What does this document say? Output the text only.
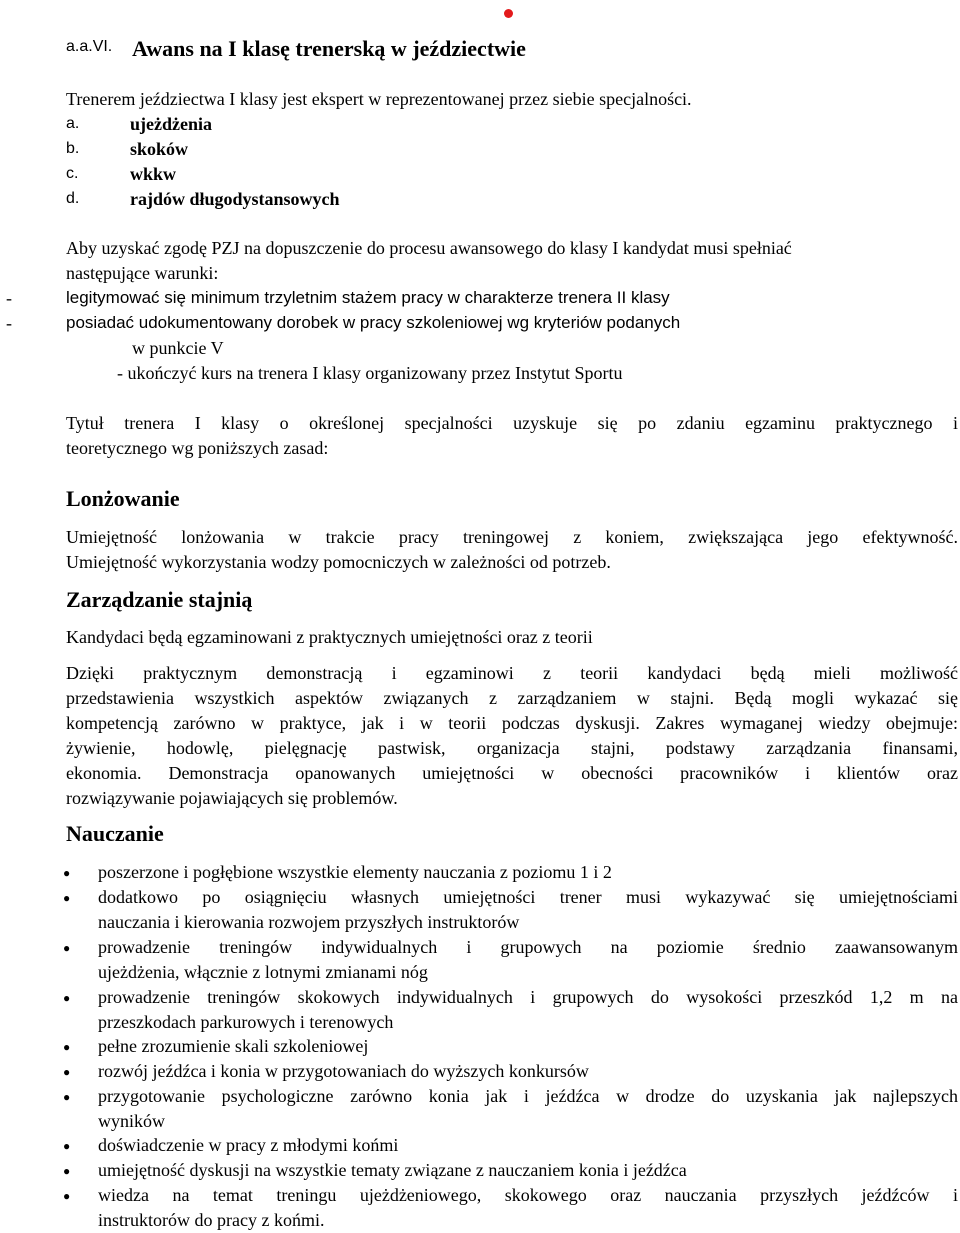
a.a.VI. Awans na I klasę trenerską w jeździectwie
Trenerem jeździectwa I klasy jest ekspert w reprezentowanej przez siebie specjalności.
a.	ujeżdżenia
b.	skoków
c.	wkkw
d.	rajdów długodystansowych
Aby uzyskać zgodę PZJ na dopuszczenie do procesu awansowego do klasy I kandydat musi spełniać
następujące warunki:
-	legitymować się minimum trzyletnim stażem pracy w charakterze trenera II klasy
-	posiadać udokumentowany dorobek w pracy szkoleniowej wg kryteriów podanych
w punkcie V
- ukończyć kurs na trenera I klasy organizowany przez Instytut Sportu
Tytuł trenera I klasy o określonej specjalności uzyskuje się po zdaniu egzaminu praktycznego i
teoretycznego wg poniższych zasad:
Lonżowanie
Umiejętność lonżowania w trakcie pracy treningowej z koniem, zwiększająca jego efektywność.
Umiejętność wykorzystania wodzy pomocniczych w zależności od potrzeb.
Zarządzanie stajnią
Kandydaci będą egzaminowani z praktycznych umiejętności oraz z teorii
Dzięki praktycznym demonstracją i egzaminowi z teorii kandydaci będą mieli możliwość
przedstawienia wszystkich aspektów związanych z zarządzaniem w stajni. Będą mogli wykazać się
kompetencją zarówno w praktyce, jak i w teorii podczas dyskusji. Zakres wymaganej wiedzy obejmuje:
żywienie, hodowlę, pielęgnację pastwisk, organizacja stajni, podstawy zarządzania finansami,
ekonomia. Demonstracja opanowanych umiejętności w obecności pracowników i klientów oraz
rozwiązywanie pojawiających się problemów.
Nauczanie
● poszerzone i pogłębione wszystkie elementy nauczania z poziomu 1 i 2
● dodatkowo po osiągnięciu własnych umiejętności trener musi wykazywać się umiejętnościami
nauczania i kierowania rozwojem przyszłych instruktorów
● prowadzenie treningów indywidualnych i grupowych na poziomie średnio zaawansowanym
ujeżdżenia, włącznie z lotnymi zmianami nóg
● prowadzenie treningów skokowych indywidualnych i grupowych do wysokości przeszkód 1,2 m na
przeszkodach parkurowych i terenowych
● pełne zrozumienie skali szkoleniowej
● rozwój jeźdźca i konia w przygotowaniach do wyższych konkursów
● przygotowanie psychologiczne zarówno konia jak i jeźdźca w drodze do uzyskania jak najlepszych
wyników
● doświadczenie w pracy z młodymi końmi
● umiejętność dyskusji na wszystkie tematy związane z nauczaniem konia i jeźdźca
● wiedza na temat treningu ujeżdżeniowego, skokowego oraz nauczania przyszłych jeźdźców i
instruktorów do pracy z końmi.
